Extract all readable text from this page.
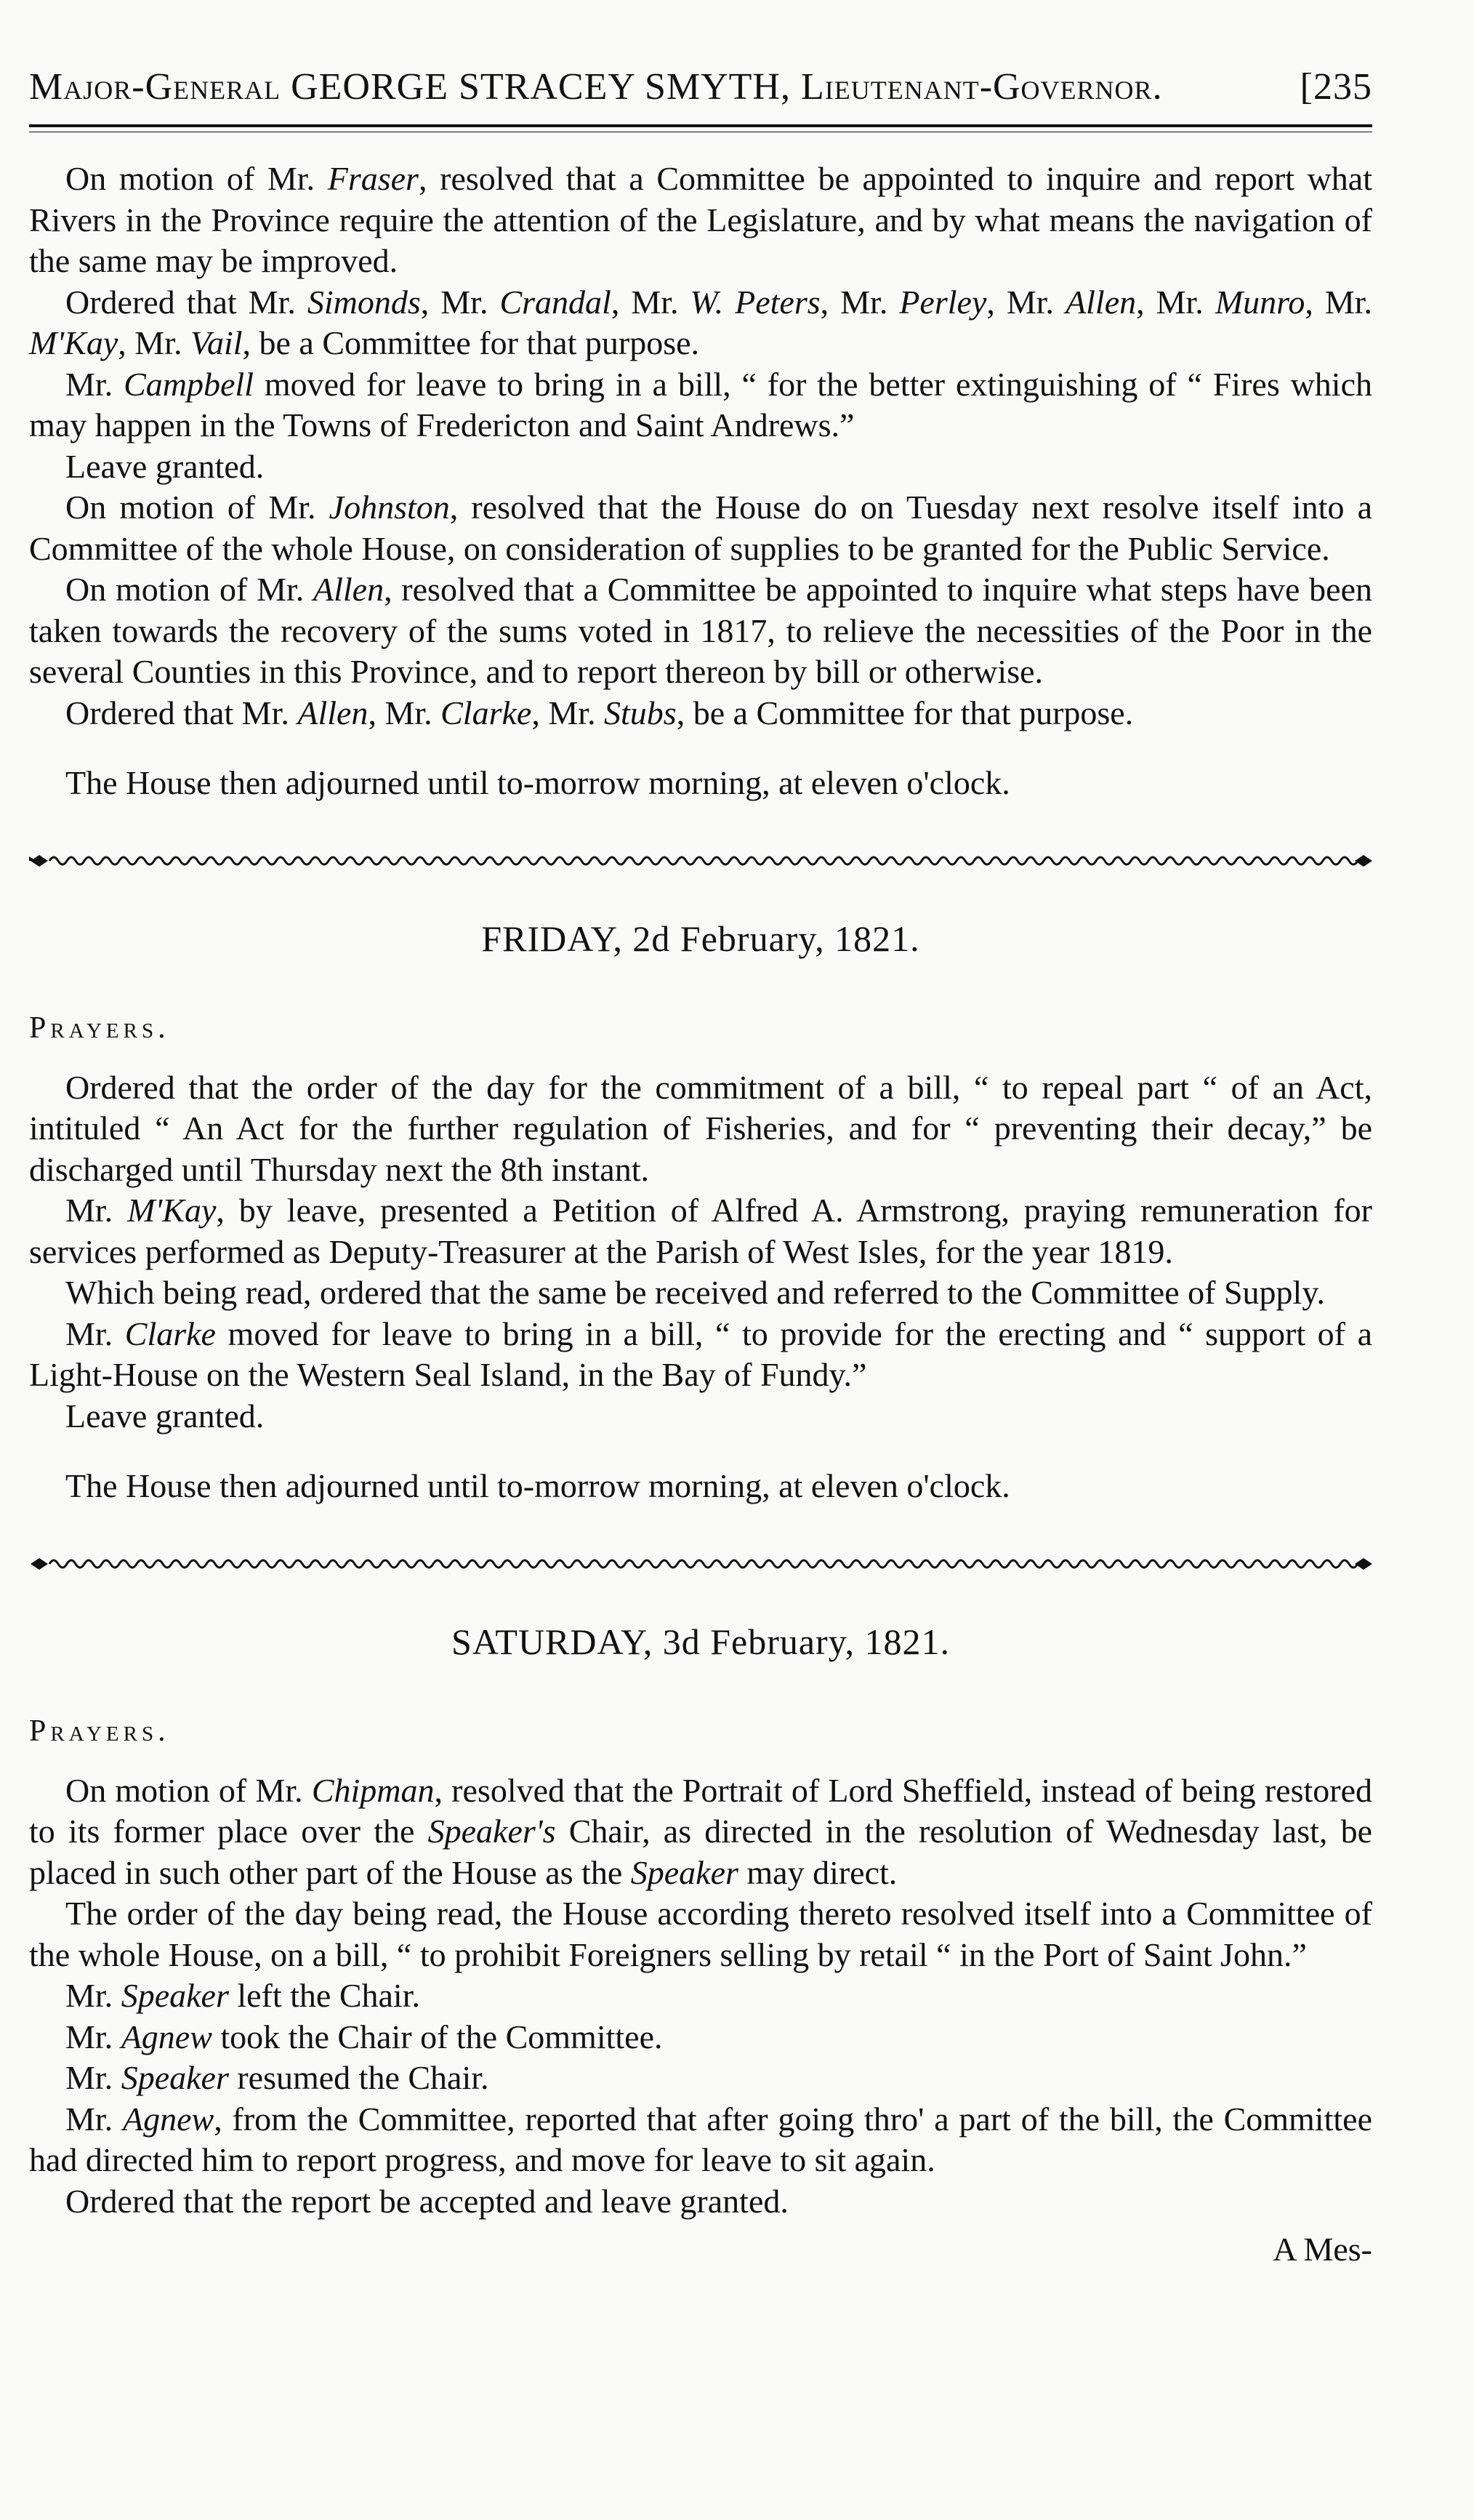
Major-General GEORGE STRACEY SMYTH, Lieutenant-Governor.	[235

On motion of Mr. Fraser, resolved that a Committee be appointed to inquire and report what Rivers in the Province require the attention of the Legislature, and by what means the navigation of the same may be improved.

Ordered that Mr. Simonds, Mr. Crandal, Mr. W. Peters, Mr. Perley, Mr. Allen, Mr. Munro, Mr. M'Kay, Mr. Vail, be a Committee for that purpose.

Mr. Campbell moved for leave to bring in a bill, “ for the better extinguishing of “ Fires which may happen in the Towns of Fredericton and Saint Andrews.”

Leave granted.

On motion of Mr. Johnston, resolved that the House do on Tuesday next resolve itself into a Committee of the whole House, on consideration of supplies to be granted for the Public Service.

On motion of Mr. Allen, resolved that a Committee be appointed to inquire what steps have been taken towards the recovery of the sums voted in 1817, to relieve the necessities of the Poor in the several Counties in this Province, and to report thereon by bill or otherwise.

Ordered that Mr. Allen, Mr. Clarke, Mr. Stubs, be a Committee for that purpose.

The House then adjourned until to-morrow morning, at eleven o'clock.

FRIDAY, 2d February, 1821.
Prayers.

Ordered that the order of the day for the commitment of a bill, “ to repeal part “ of an Act, intituled “ An Act for the further regulation of Fisheries, and for “ preventing their decay,” be discharged until Thursday next the 8th instant.

Mr. M'Kay, by leave, presented a Petition of Alfred A. Armstrong, praying remuneration for services performed as Deputy-Treasurer at the Parish of West Isles, for the year 1819.

Which being read, ordered that the same be received and referred to the Committee of Supply.

Mr. Clarke moved for leave to bring in a bill, “ to provide for the erecting and “ support of a Light-House on the Western Seal Island, in the Bay of Fundy.”

Leave granted.

The House then adjourned until to-morrow morning, at eleven o'clock.

SATURDAY, 3d February, 1821.
Prayers.

On motion of Mr. Chipman, resolved that the Portrait of Lord Sheffield, instead of being restored to its former place over the Speaker's Chair, as directed in the resolution of Wednesday last, be placed in such other part of the House as the Speaker may direct.

The order of the day being read, the House according thereto resolved itself into a Committee of the whole House, on a bill, “ to prohibit Foreigners selling by retail “ in the Port of Saint John.”

Mr. Speaker left the Chair.

Mr. Agnew took the Chair of the Committee.

Mr. Speaker resumed the Chair.

Mr. Agnew, from the Committee, reported that after going thro' a part of the bill, the Committee had directed him to report progress, and move for leave to sit again.

Ordered that the report be accepted and leave granted.

A Mes-
